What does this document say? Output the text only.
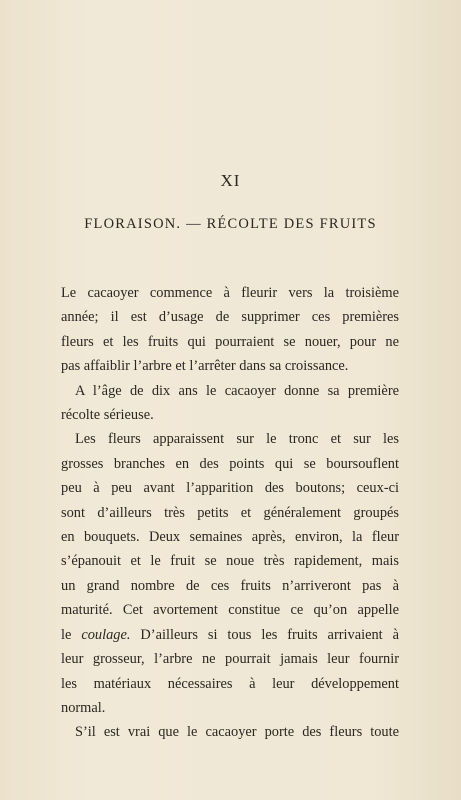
XI
FLORAISON. — RÉCOLTE DES FRUITS
Le cacaoyer commence à fleurir vers la troisième
année; il est d’usage de supprimer ces premières
fleurs et les fruits qui pourraient se nouer, pour ne
pas affaiblir l’arbre et l’arrêter dans sa croissance.
A l’âge de dix ans le cacaoyer donne sa première
récolte sérieuse.
Les fleurs apparaissent sur le tronc et sur les
grosses branches en des points qui se boursouflent
peu à peu avant l’apparition des boutons; ceux-ci
sont d’ailleurs très petits et généralement groupés
en bouquets. Deux semaines après, environ, la fleur
s’épanouit et le fruit se noue très rapidement, mais
un grand nombre de ces fruits n’arriveront pas à
maturité. Cet avortement constitue ce qu’on appelle
le coulage. D’ailleurs si tous les fruits arrivaient à
leur grosseur, l’arbre ne pourrait jamais leur fournir
les matériaux nécessaires à leur développement
normal.
S’il est vrai que le cacaoyer porte des fleurs toute
